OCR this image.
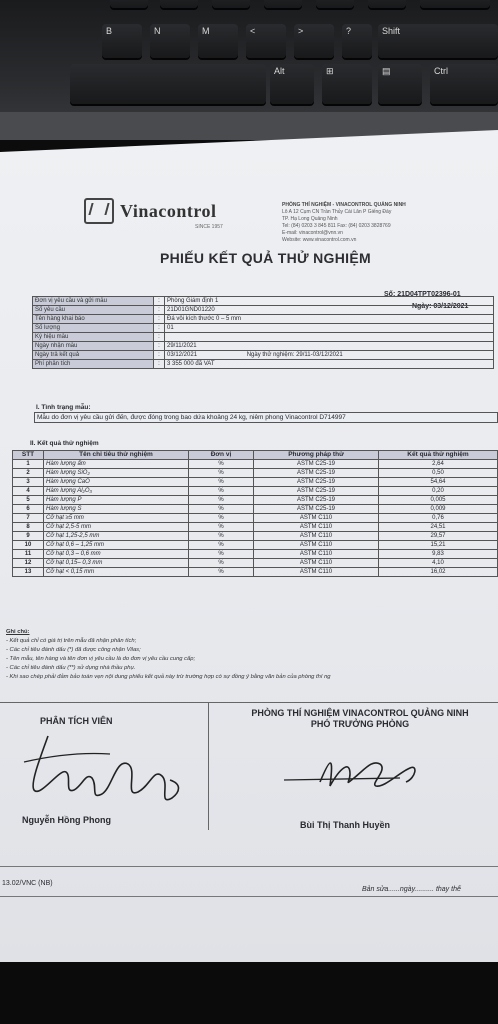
B	N	M	<	>	?	Shift
Alt	⊞	▤	Ctrl
Vinacontrol
SINCE 1957
PHÒNG THÍ NGHIỆM - VINACONTROL QUẢNG NINH
Lô A 12 Cụm CN Trần Thủy Cái Lân P Giếng Đáy
TP. Hạ Long Quảng Ninh
Tel: (84) 0203 3 845 811 Fax: (84) 0203 3828769
E-mail: vinacontrol@vnn.vn
Website: www.vinacontrol.com.vn
PHIẾU KẾT QUẢ THỬ NGHIỆM
Số: 21D04TPT02396-01
Ngày: 03/12/2021
Đơn vị yêu cầu và gửi mẫu	:	Phòng Giám định 1
Số yêu cầu	:	21D01GND01220
Tên hàng khai báo	:	Đá vôi kích thước 0 – 5 mm
Số lượng	:	01
Ký hiệu mẫu	:	
Ngày nhận mẫu	:	29/11/2021
Ngày trả kết quả	:	03/12/2021 Ngày thử nghiệm: 29/11-03/12/2021
Phí phân tích	:	3 355 000 đã VAT
I. Tình trạng mẫu:
Mẫu do đơn vị yêu cầu gửi đến, được đóng trong bao dứa khoảng 24 kg, niêm phong Vinacontrol D714997
II. Kết quả thử nghiệm
STT	Tên chỉ tiêu thử nghiệm	Đơn vị	Phương pháp thử	Kết quả thử nghiệm
1	Hàm lượng ẩm	%	ASTM C25-19	2,64
2	Hàm lượng SiO₂	%	ASTM C25-19	0,50
3	Hàm lượng CaO	%	ASTM C25-19	54,64
4	Hàm lượng Al₂O₃	%	ASTM C25-19	0,20
5	Hàm lượng P	%	ASTM C25-19	0,005
6	Hàm lượng S	%	ASTM C25-19	0,009
7	Cỡ hạt ≥5 mm	%	ASTM C110	0,76
8	Cỡ hạt 2,5-5 mm	%	ASTM C110	24,51
9	Cỡ hạt 1,25-2,5 mm	%	ASTM C110	29,57
10	Cỡ hạt 0,6 – 1,25 mm	%	ASTM C110	15,21
11	Cỡ hạt 0,3 – 0,6 mm	%	ASTM C110	9,83
12	Cỡ hạt 0,15– 0,3 mm	%	ASTM C110	4,10
13	Cỡ hạt < 0,15 mm	%	ASTM C110	16,02
Ghi chú:
- Kết quả chỉ có giá trị trên mẫu đã nhận phân tích;
- Các chỉ tiêu đánh dấu (*) đã được công nhận Vilas;
- Tên mẫu, tên hàng và tên đơn vị yêu cầu là do đơn vị yêu cầu cung cấp;
- Các chỉ tiêu đánh dấu (**) sử dụng nhà thầu phụ.
- Khi sao chép phải đảm bảo toàn vẹn nội dung phiếu kết quả này trừ trường hợp có sự đồng ý bằng văn bản của phòng thí ng
PHÂN TÍCH VIÊN
PHÒNG THÍ NGHIỆM VINACONTROL QUẢNG NINH
PHÓ TRƯỞNG PHÒNG
Nguyễn Hồng Phong	Bùi Thị Thanh Huyền
13.02/VNC (NB)
Bản sửa......ngày.......... thay thế
